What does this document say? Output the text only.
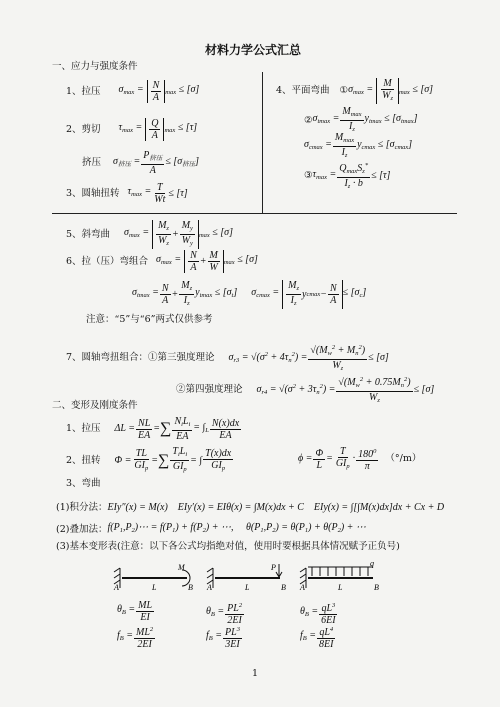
材料力学公式汇总
一、应力与强度条件
1、拉压 $\sigma_{max} = \frac{N}{A} _{max} \le [\sigma]$
2、剪切 $\tau_{max} = \frac{Q}{A} _{max} \le [\tau]$
挤压 $\sigma_{挤压} = \frac{P_{挤压}}{A} \le [\sigma_{挤压}]$
3、圆轴扭转 $\tau_{max} = \frac{T}{Wt} \le [\tau]$
4、平面弯曲 ① $\sigma_{max} = \frac{M}{W_z} _{max} \le [\sigma]$
② $\sigma_{tmax} = \frac{M_{max}}{I_z} y_{tmax} \le [\sigma_{tmax}]$
$\sigma_{cmax} = \frac{M_{max}}{I_z} y_{cmax} \le [\sigma_{cmax}]$
③ $\tau_{max} = \frac{Q_{max}S_z^*}{I_z \cdot b} \le [\tau]$
5、斜弯曲 $\sigma_{max} = \frac{M_z}{W_z} + \frac{M_y}{W_y} _{max} \le [\sigma]$
6、拉（压）弯组合 $\sigma_{max} = \frac{N}{A} + \frac{M}{W} _{max} \le [\sigma]$
$\sigma_{tmax} = \frac{N}{A} + \frac{M_z}{I_z} y_{tmax} \le [\sigma_t] \sigma_{cmax} = \frac{M_z}{I_z}$ y $cmax - \frac{N}{A} \le [\sigma_c]$
注意：“5”与“6”两式仅供参考
7、圆轴弯扭组合：①第三强度理论 $\sigma_{r3} = √(\sigma^2 + 4\tau_n^2) = \frac{√(M_w^2 + M_n^2)}{W_z} \le [\sigma]$
②第四强度理论 $\sigma_{r4} = √(\sigma^2 + 3\tau_n^2) = \frac{√(M_w^2 + 0.75M_n^2)}{W_z} \le [\sigma]$
二、变形及刚度条件
1、拉压 $\Delta L = \frac{NL}{EA}$ = ∑ $\frac{N_iL_i}{EA} = \int_L \frac{N(x)dx}{EA}$
2、扭转 $\Phi = \frac{TL}{GI_p}$ = ∑ $\frac{T_iL_i}{GI_p}$ = ∫ $\frac{T(x)dx}{GI_p}$	$\phi = \frac{\Phi}{L} = \frac{T}{GI_p} \cdot \frac{180^0}{\pi} (^\circ/m)$
3、弯曲
(1)积分法： EIy″(x) = M(x)    EIy′(x) = EIθ(x) = ∫M(x)dx + C    EIy(x) = ∫[∫M(x)dx]dx + Cx + D
(2)叠加法： $f(P_1,P_2)\cdots = f(P_1) + f(P_2)$ + ⋯,     $\theta(P_1,P_2) = \theta(P_1) + \theta(P_2)$ + ⋯
(3)基本变形表(注意：以下各公式均指绝对值，使用时要根据具体情况赋予正负号)
M
A	L	B
P
A	L	B
q
A	L	B
$\theta_B = \frac{ML}{EI}$
$f_B = \frac{ML^2}{2EI}$
$\theta_B = \frac{PL^2}{2EI}$
$f_B = \frac{PL^3}{3EI}$
$\theta_B = \frac{qL^3}{6EI}$
$f_B = \frac{qL^4}{8EI}$
1
